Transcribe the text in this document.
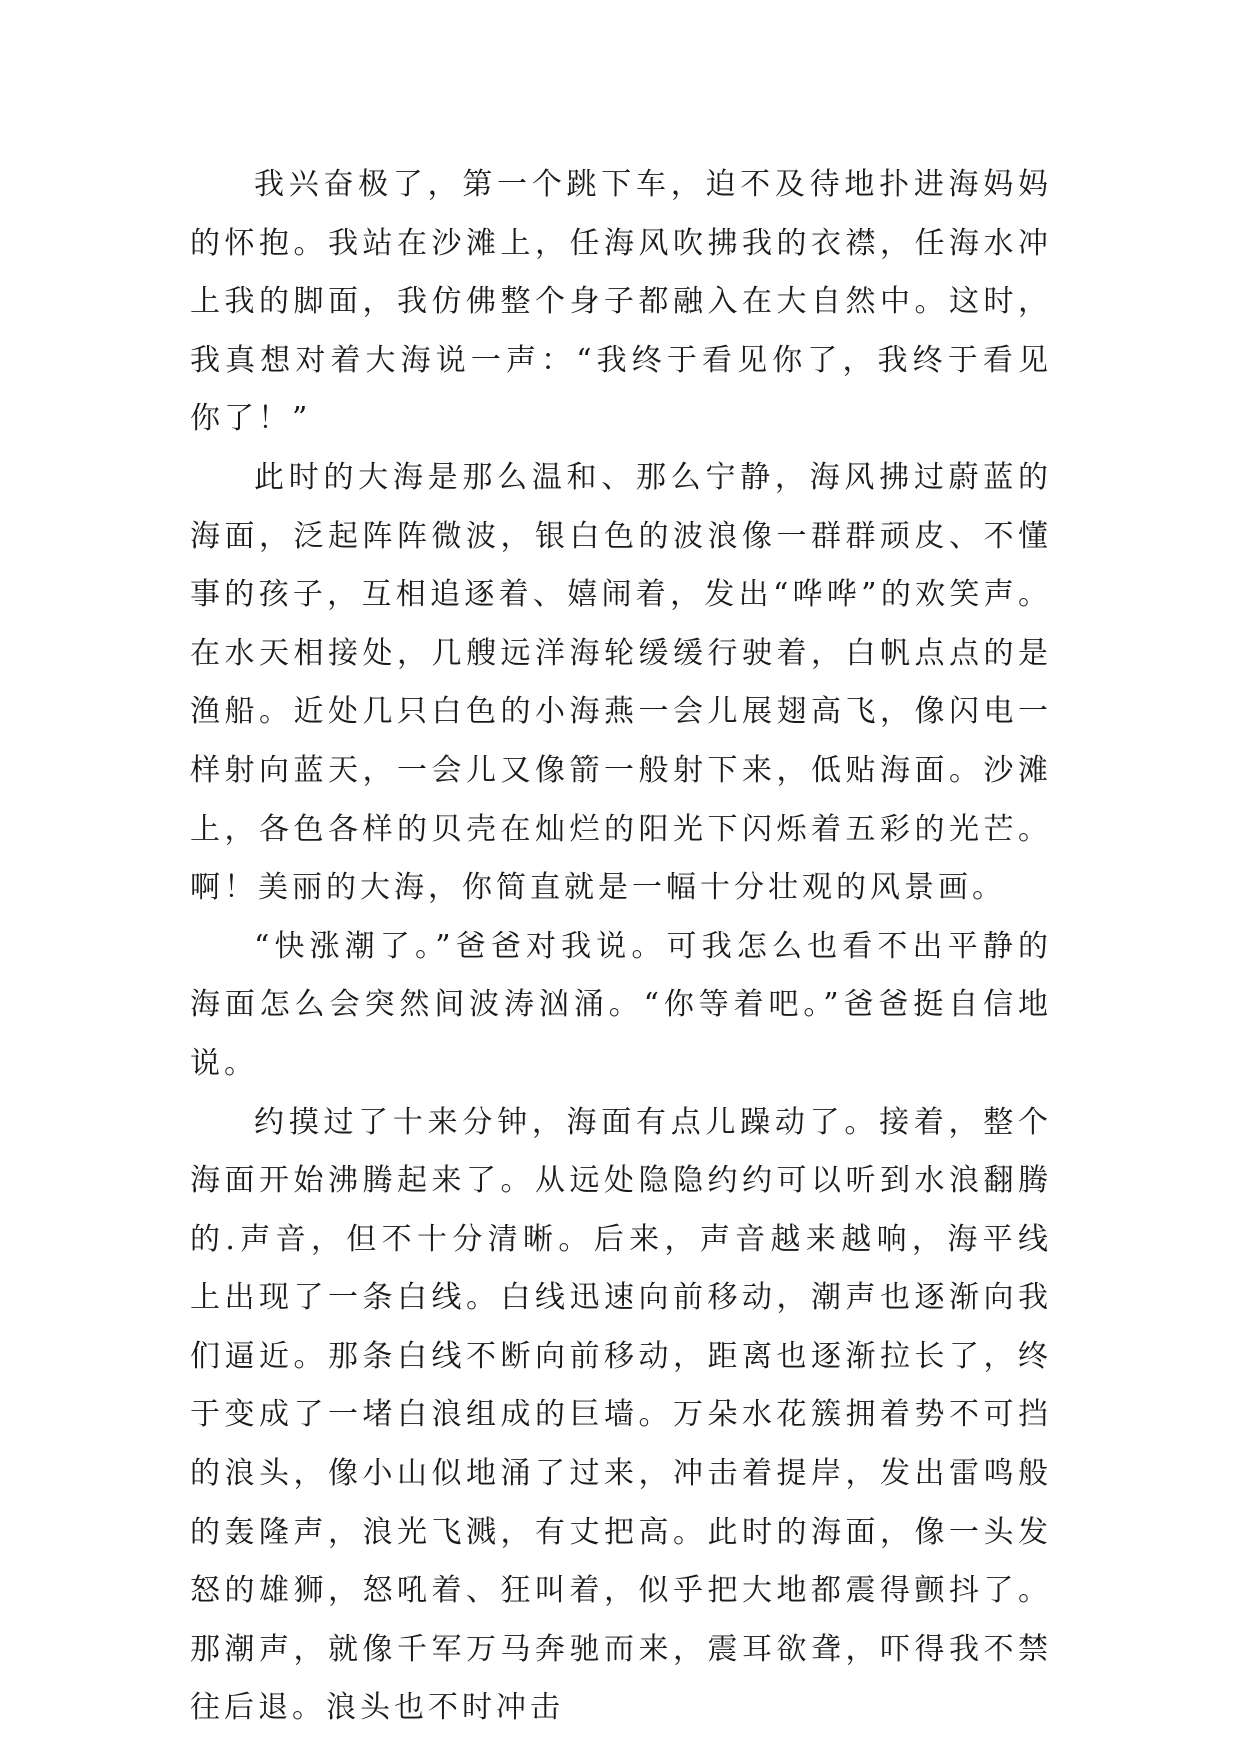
我兴奋极了，第一个跳下车，迫不及待地扑进海妈妈的怀抱。我站在沙滩上，任海风吹拂我的衣襟，任海水冲上我的脚面，我仿佛整个身子都融入在大自然中。这时，我真想对着大海说一声：“我终于看见你了，我终于看见你了！”

此时的大海是那么温和、那么宁静，海风拂过蔚蓝的海面，泛起阵阵微波，银白色的波浪像一群群顽皮、不懂事的孩子，互相追逐着、嬉闹着，发出“哗哗”的欢笑声。在水天相接处，几艘远洋海轮缓缓行驶着，白帆点点的是渔船。近处几只白色的小海燕一会儿展翅高飞，像闪电一样射向蓝天，一会儿又像箭一般射下来，低贴海面。沙滩上，各色各样的贝壳在灿烂的阳光下闪烁着五彩的光芒。啊！美丽的大海，你简直就是一幅十分壮观的风景画。

“快涨潮了。”爸爸对我说。可我怎么也看不出平静的海面怎么会突然间波涛汹涌。“你等着吧。”爸爸挺自信地说。

约摸过了十来分钟，海面有点儿躁动了。接着，整个海面开始沸腾起来了。从远处隐隐约约可以听到水浪翻腾的.声音，但不十分清晰。后来，声音越来越响，海平线上出现了一条白线。白线迅速向前移动，潮声也逐渐向我们逼近。那条白线不断向前移动，距离也逐渐拉长了，终于变成了一堵白浪组成的巨墙。万朵水花簇拥着势不可挡的浪头，像小山似地涌了过来，冲击着提岸，发出雷鸣般的轰隆声，浪光飞溅，有丈把高。此时的海面，像一头发怒的雄狮，怒吼着、狂叫着，似乎把大地都震得颤抖了。那潮声，就像千军万马奔驰而来，震耳欲聋，吓得我不禁往后退。浪头也不时冲击
